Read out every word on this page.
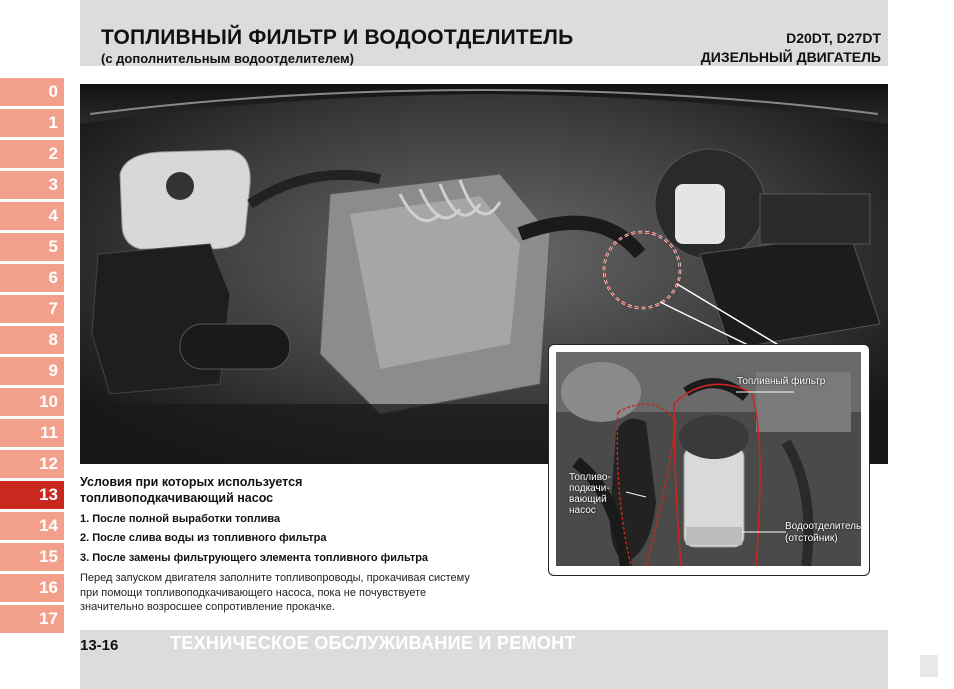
ТОПЛИВНЫЙ ФИЛЬТР И ВОДООТДЕЛИТЕЛЬ
(с дополнительным водоотделителем)
D20DT, D27DT
ДИЗЕЛЬНЫЙ ДВИГАТЕЛЬ
0
1
2
3
4
5
6
7
8
9
10
11
12
13
14
15
16
17
Топливный фильтр
Топливо-
подкачи-
вающий
насос
Водоотделитель
(отстойник)
Условия при которых используется топливоподкачивающий насос
1. После полной выработки топлива
2. После слива воды из топливного фильтра
3. После замены фильтрующего элемента топливного фильтра
Перед запуском двигателя заполните топливопроводы, прокачивая систему при помощи топливоподкачивающего насоса, пока не почувствуете значительно возросшее сопротивление прокачке.
13-16	ТЕХНИЧЕСКОЕ ОБСЛУЖИВАНИЕ И РЕМОНТ
